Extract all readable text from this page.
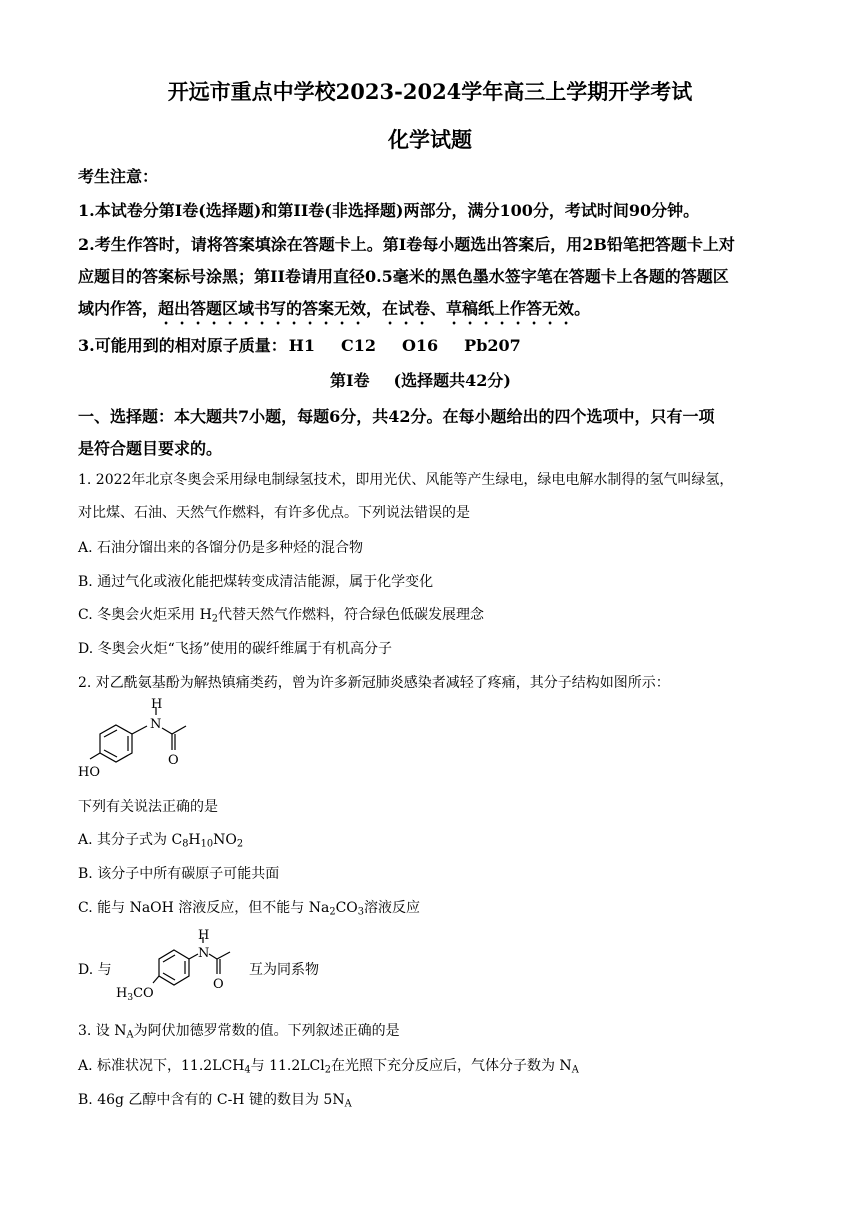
开远市重点中学校2023-2024学年高三上学期开学考试
化学试题
考生注意：
1.本试卷分第I卷(选择题)和第II卷(非选择题)两部分，满分100分，考试时间90分钟。
2.考生作答时，请将答案填涂在答题卡上。第I卷每小题选出答案后，用2B铅笔把答题卡上对
应题目的答案标号涂黑；第II卷请用直径0.5毫米的黑色墨水签字笔在答题卡上各题的答题区
域内作答，超出答题区域书写的答案无效，在试卷、草稿纸上作答无效。
3.可能用到的相对原子质量： H1 C12 O16 Pb207
第I卷 (选择题共42分)
一、选择题：本大题共7小题，每题6分，共42分。在每小题给出的四个选项中，只有一项
是符合题目要求的。
1. 2022年北京冬奥会采用绿电制绿氢技术，即用光伏、风能等产生绿电，绿电电解水制得的氢气叫绿氢，
对比煤、石油、天然气作燃料，有许多优点。下列说法错误的是
A. 石油分馏出来的各馏分仍是多种烃的混合物
B. 通过气化或液化能把煤转变成清洁能源，属于化学变化
C. 冬奥会火炬采用 $H_2$代替天然气作燃料，符合绿色低碳发展理念
D. 冬奥会火炬“飞扬”使用的碳纤维属于有机高分子
2. 对乙酰氨基酚为解热镇痛类药，曾为许多新冠肺炎感染者减轻了疼痛，其分子结构如图所示：
H
N
O
HO
下列有关说法正确的是
A. 其分子式为 $C_8H_{10}NO_2$
B. 该分子中所有碳原子可能共面
C. 能与 NaOH 溶液反应，但不能与 $Na_2CO_3$溶液反应
D. 与
H
N
O
$H_3CO$
互为同系物
3. 设 $N_A$为阿伏加德罗常数的值。下列叙述正确的是
A. 标准状况下，$11.2LCH_4$与 11.2LCl$_2$在光照下充分反应后，气体分子数为 $N_A$
B. 46g 乙醇中含有的 C-H 键的数目为 $5N_A$
